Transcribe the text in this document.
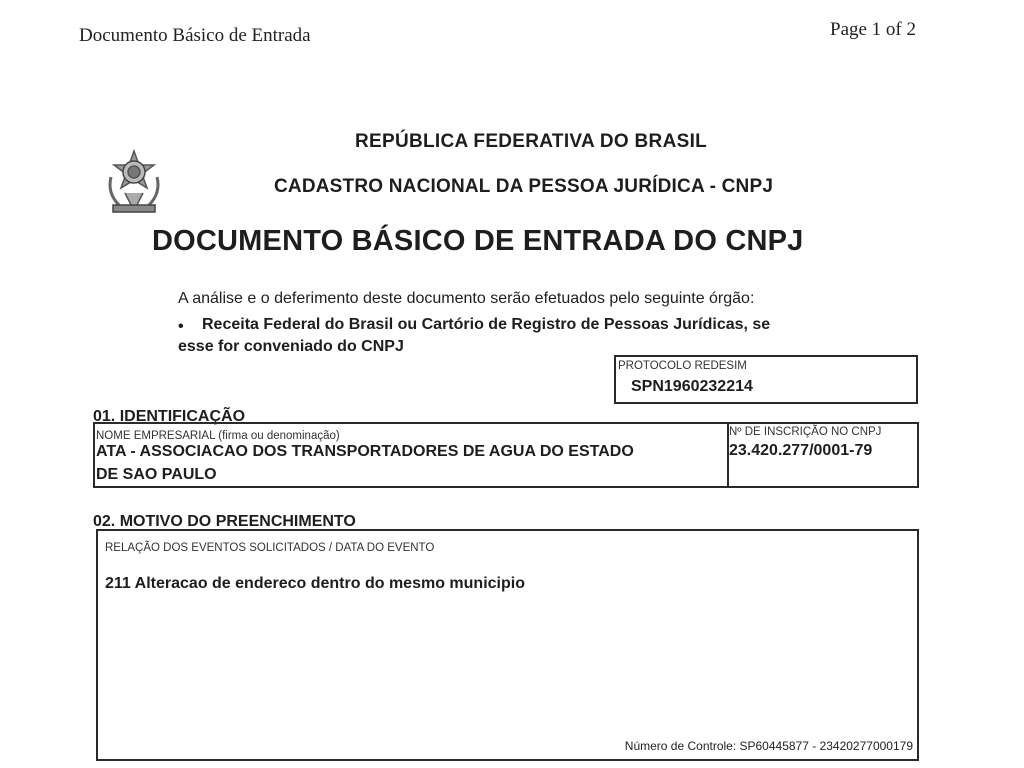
Documento Básico de Entrada	Page 1 of 2
REPÚBLICA FEDERATIVA DO BRASIL
CADASTRO NACIONAL DA PESSOA JURÍDICA - CNPJ
DOCUMENTO BÁSICO DE ENTRADA DO CNPJ
A análise e o deferimento deste documento serão efetuados pelo seguinte órgão:
• Receita Federal do Brasil ou Cartório de Registro de Pessoas Jurídicas, se
esse for conveniado do CNPJ
PROTOCOLO REDESIM
SPN1960232214
01. IDENTIFICAÇÃO
NOME EMPRESARIAL (firma ou denominação)
ATA - ASSOCIACAO DOS TRANSPORTADORES DE AGUA DO ESTADO
DE SAO PAULO
Nº DE INSCRIÇÃO NO CNPJ
23.420.277/0001-79
02. MOTIVO DO PREENCHIMENTO
RELAÇÃO DOS EVENTOS SOLICITADOS / DATA DO EVENTO
211 Alteracao de endereco dentro do mesmo municipio
Número de Controle: SP60445877 - 23420277000179
